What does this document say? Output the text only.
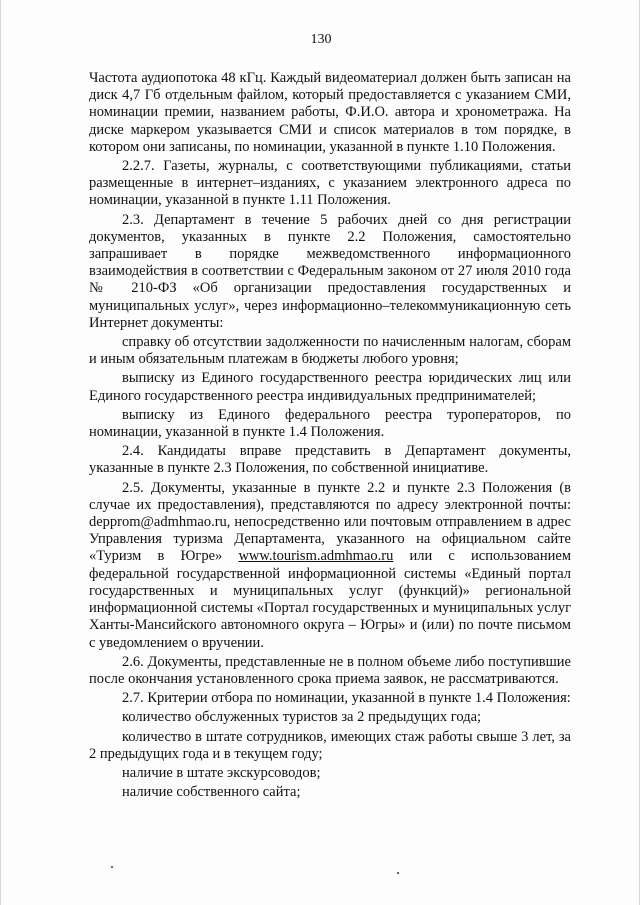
130

Частота аудиопотока 48 кГц. Каждый видеоматериал должен быть записан на диск 4,7 Гб отдельным файлом, который предоставляется с указанием СМИ, номинации премии, названием работы, Ф.И.О. автора и хронометража. На диске маркером указывается СМИ и список материалов в том порядке, в котором они записаны, по номинации, указанной в пункте 1.10 Положения.

2.2.7. Газеты, журналы, с соответствующими публикациями, статьи размещенные в интернет–изданиях, с указанием электронного адреса по номинации, указанной в пункте 1.11 Положения.

2.3. Департамент в течение 5 рабочих дней со дня регистрации документов, указанных в пункте 2.2 Положения, самостоятельно запрашивает в порядке межведомственного информационного взаимодействия в соответствии с Федеральным законом от 27 июля 2010 года № 210-ФЗ «Об организации предоставления государственных и муниципальных услуг», через информационно–телекоммуникационную сеть Интернет документы:

справку об отсутствии задолженности по начисленным налогам, сборам и иным обязательным платежам в бюджеты любого уровня;

выписку из Единого государственного реестра юридических лиц или Единого государственного реестра индивидуальных предпринимателей;

выписку из Единого федерального реестра туроператоров, по номинации, указанной в пункте 1.4 Положения.

2.4. Кандидаты вправе представить в Департамент документы, указанные в пункте 2.3 Положения, по собственной инициативе.

2.5. Документы, указанные в пункте 2.2 и пункте 2.3 Положения (в случае их предоставления), представляются по адресу электронной почты: depprom@admhmao.ru, непосредственно или почтовым отправлением в адрес Управления туризма Департамента, указанного на официальном сайте «Туризм в Югре» www.tourism.admhmao.ru или с использованием федеральной государственной информационной системы «Единый портал государственных и муниципальных услуг (функций)» региональной информационной системы «Портал государственных и муниципальных услуг Ханты-Мансийского автономного округа – Югры» и (или) по почте письмом с уведомлением о вручении.

2.6. Документы, представленные не в полном объеме либо поступившие после окончания установленного срока приема заявок, не рассматриваются.

2.7. Критерии отбора по номинации, указанной в пункте 1.4 Положения:

количество обслуженных туристов за 2 предыдущих года;

количество в штате сотрудников, имеющих стаж работы свыше 3 лет, за 2 предыдущих года и в текущем году;

наличие в штате экскурсоводов;

наличие собственного сайта;
